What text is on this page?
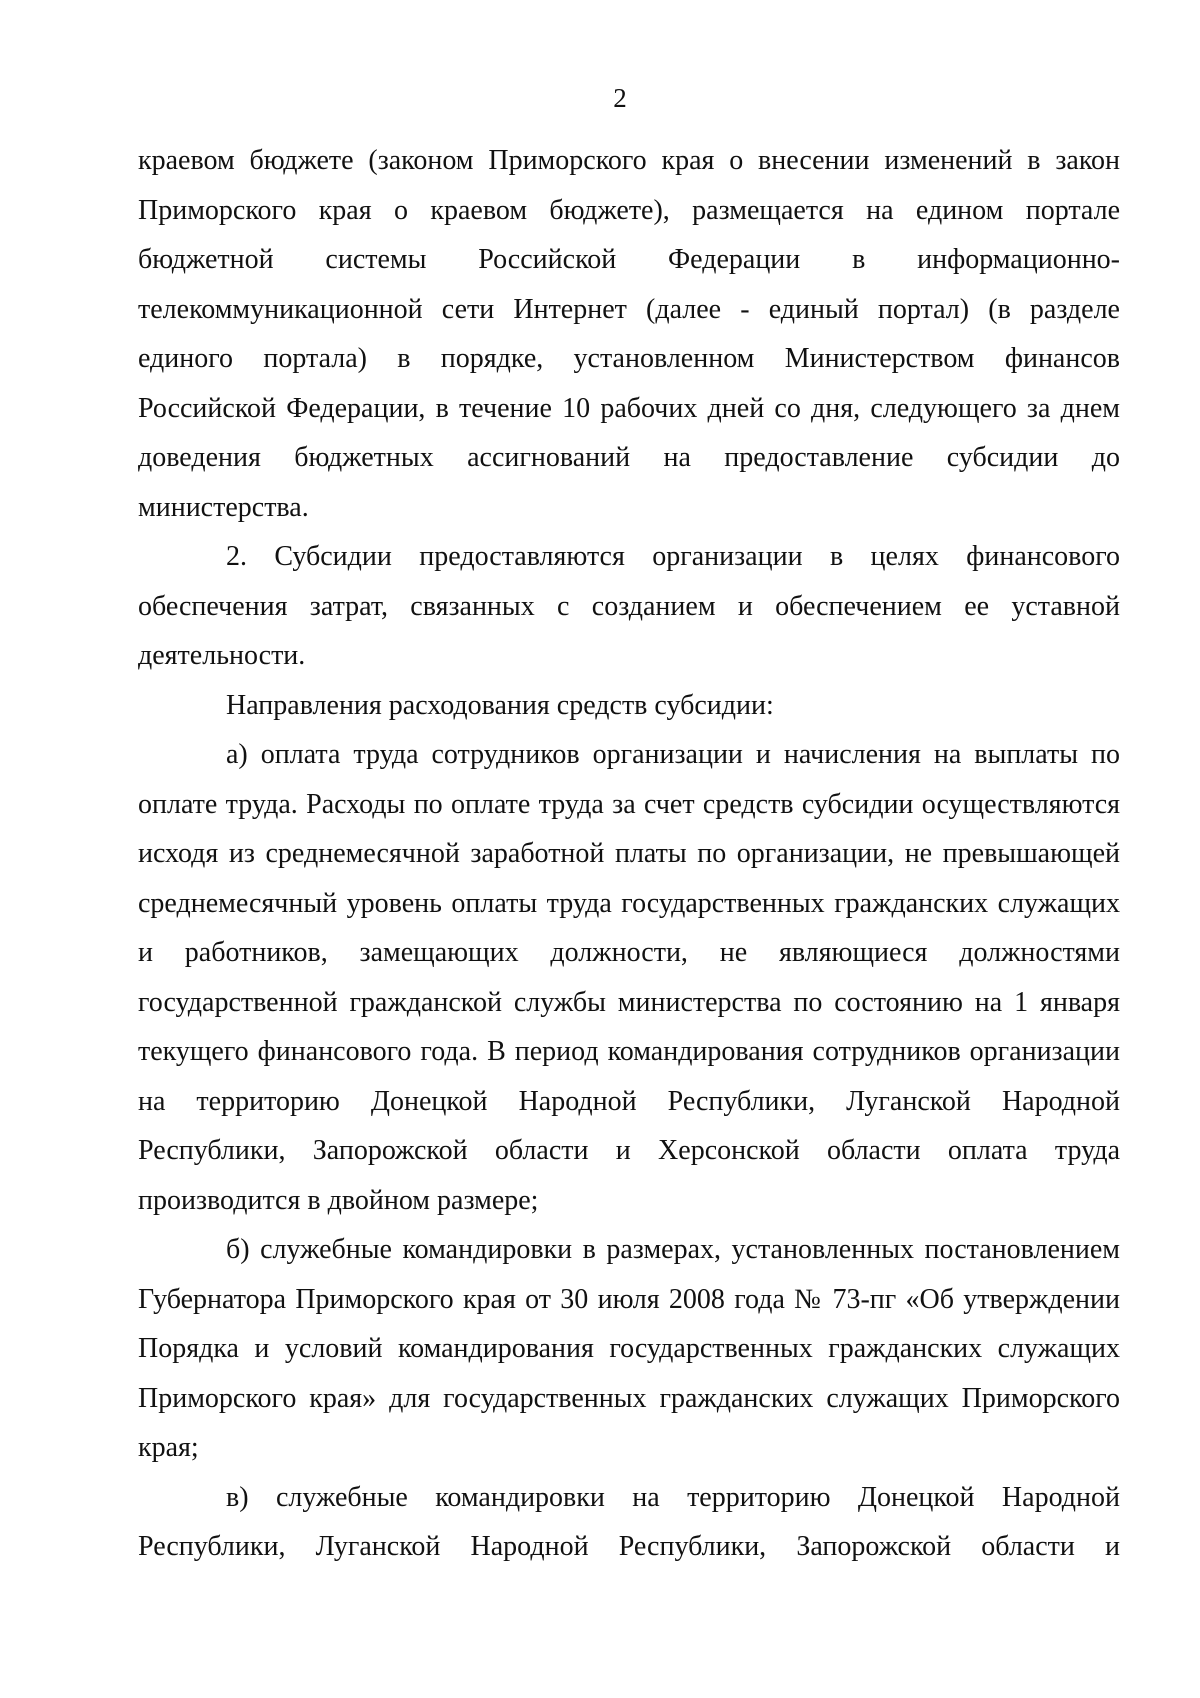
2

краевом бюджете (законом Приморского края о внесении изменений в закон Приморского края о краевом бюджете), размещается на едином портале бюджетной системы Российской Федерации в информационно-телекоммуникационной сети Интернет (далее - единый портал) (в разделе единого портала) в порядке, установленном Министерством финансов Российской Федерации, в течение 10 рабочих дней со дня, следующего за днем доведения бюджетных ассигнований на предоставление субсидии до министерства.

2. Субсидии предоставляются организации в целях финансового обеспечения затрат, связанных с созданием и обеспечением ее уставной деятельности.

Направления расходования средств субсидии:

а) оплата труда сотрудников организации и начисления на выплаты по оплате труда. Расходы по оплате труда за счет средств субсидии осуществляются исходя из среднемесячной заработной платы по организации, не превышающей среднемесячный уровень оплаты труда государственных гражданских служащих и работников, замещающих должности, не являющиеся должностями государственной гражданской службы министерства по состоянию на 1 января текущего финансового года. В период командирования сотрудников организации на территорию Донецкой Народной Республики, Луганской Народной Республики, Запорожской области и Херсонской области оплата труда производится в двойном размере;

б) служебные командировки в размерах, установленных постановлением Губернатора Приморского края от 30 июля 2008 года № 73-пг «Об утверждении Порядка и условий командирования государственных гражданских служащих Приморского края» для государственных гражданских служащих Приморского края;

в) служебные командировки на территорию Донецкой Народной Республики, Луганской Народной Республики, Запорожской области и
